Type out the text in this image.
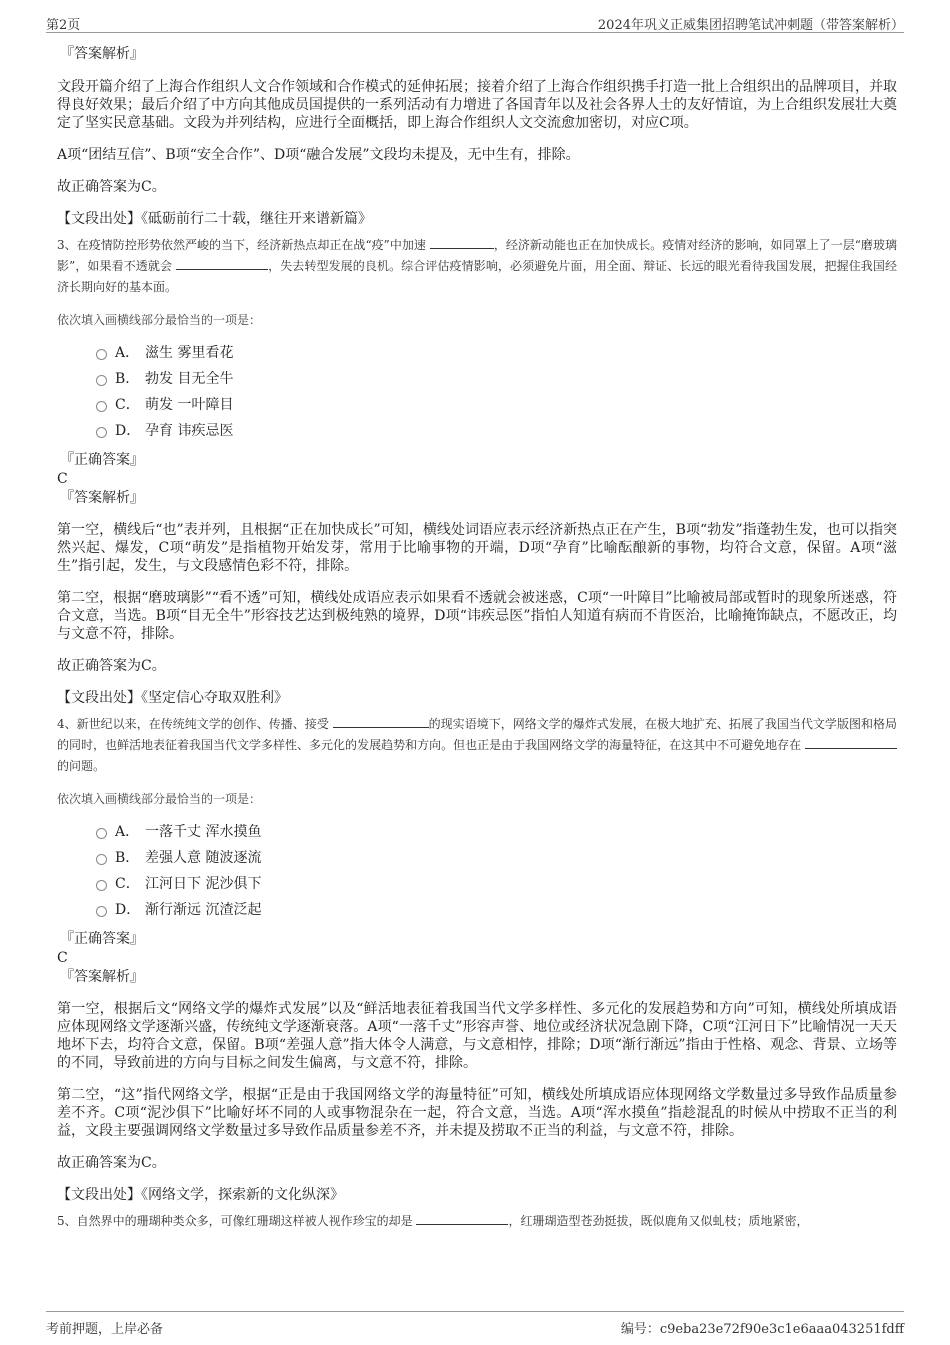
第2页	2024年巩义正威集团招聘笔试冲刺题（带答案解析）

『答案解析』

文段开篇介绍了上海合作组织人文合作领域和合作模式的延伸拓展；接着介绍了上海合作组织携手打造一批上合组织出的品牌项目，并取得良好效果；最后介绍了中方向其他成员国提供的一系列活动有力增进了各国青年以及社会各界人士的友好情谊，为上合组织发展壮大奠定了坚实民意基础。文段为并列结构，应进行全面概括，即上海合作组织人文交流愈加密切，对应C项。

A项“团结互信”、B项“安全合作”、D项“融合发展”文段均未提及，无中生有，排除。

故正确答案为C。

【文段出处】《砥砺前行二十载，继往开来谱新篇》

3、在疫情防控形势依然严峻的当下，经济新热点却正在战“疫”中加速	，经济新动能也正在加快成长。疫情对经济的影响，如同罩上了一层“磨玻璃影”，如果看不透就会	，失去转型发展的良机。综合评估疫情影响，必须避免片面，用全面、辩证、长远的眼光看待我国发展，把握住我国经济长期向好的基本面。

依次填入画横线部分最恰当的一项是：

A． 滋生 雾里看花
B． 勃发 目无全牛
C． 萌发 一叶障目
D． 孕育 讳疾忌医

『正确答案』

C

『答案解析』

第一空，横线后“也”表并列，且根据“正在加快成长”可知，横线处词语应表示经济新热点正在产生，B项“勃发”指蓬勃生发，也可以指突然兴起、爆发，C项“萌发”是指植物开始发芽，常用于比喻事物的开端，D项“孕育”比喻酝酿新的事物，均符合文意，保留。A项“滋生”指引起，发生，与文段感情色彩不符，排除。

第二空，根据“磨玻璃影”“看不透”可知，横线处成语应表示如果看不透就会被迷惑，C项“一叶障目”比喻被局部或暂时的现象所迷惑，符合文意，当选。B项“目无全牛”形容技艺达到极纯熟的境界，D项“讳疾忌医”指怕人知道有病而不肯医治，比喻掩饰缺点，不愿改正，均与文意不符，排除。

故正确答案为C。

【文段出处】《坚定信心夺取双胜利》

4、新世纪以来，在传统纯文学的创作、传播、接受	的现实语境下，网络文学的爆炸式发展，在极大地扩充、拓展了我国当代文学版图和格局的同时，也鲜活地表征着我国当代文学多样性、多元化的发展趋势和方向。但也正是由于我国网络文学的海量特征，在这其中不可避免地存在 的问题。

依次填入画横线部分最恰当的一项是：

A． 一落千丈 浑水摸鱼
B． 差强人意 随波逐流
C． 江河日下 泥沙俱下
D． 渐行渐远 沉渣泛起

『正确答案』

C

『答案解析』

第一空，根据后文“网络文学的爆炸式发展”以及“鲜活地表征着我国当代文学多样性、多元化的发展趋势和方向”可知，横线处所填成语应体现网络文学逐渐兴盛，传统纯文学逐渐衰落。A项“一落千丈”形容声誉、地位或经济状况急剧下降，C项“江河日下”比喻情况一天天地坏下去，均符合文意，保留。B项“差强人意”指大体令人满意，与文意相悖，排除；D项“渐行渐远”指由于性格、观念、背景、立场等的不同，导致前进的方向与目标之间发生偏离，与文意不符，排除。

第二空，“这”指代网络文学，根据“正是由于我国网络文学的海量特征”可知，横线处所填成语应体现网络文学数量过多导致作品质量参差不齐。C项“泥沙俱下”比喻好坏不同的人或事物混杂在一起，符合文意，当选。A项“浑水摸鱼”指趁混乱的时候从中捞取不正当的利益，文段主要强调网络文学数量过多导致作品质量参差不齐，并未提及捞取不正当的利益，与文意不符，排除。

故正确答案为C。

【文段出处】《网络文学，探索新的文化纵深》

5、自然界中的珊瑚种类众多，可像红珊瑚这样被人视作珍宝的却是	，红珊瑚造型苍劲挺拔，既似鹿角又似虬枝；质地紧密，

考前押题，上岸必备	编号：c9eba23e72f90e3c1e6aaa043251fdff
